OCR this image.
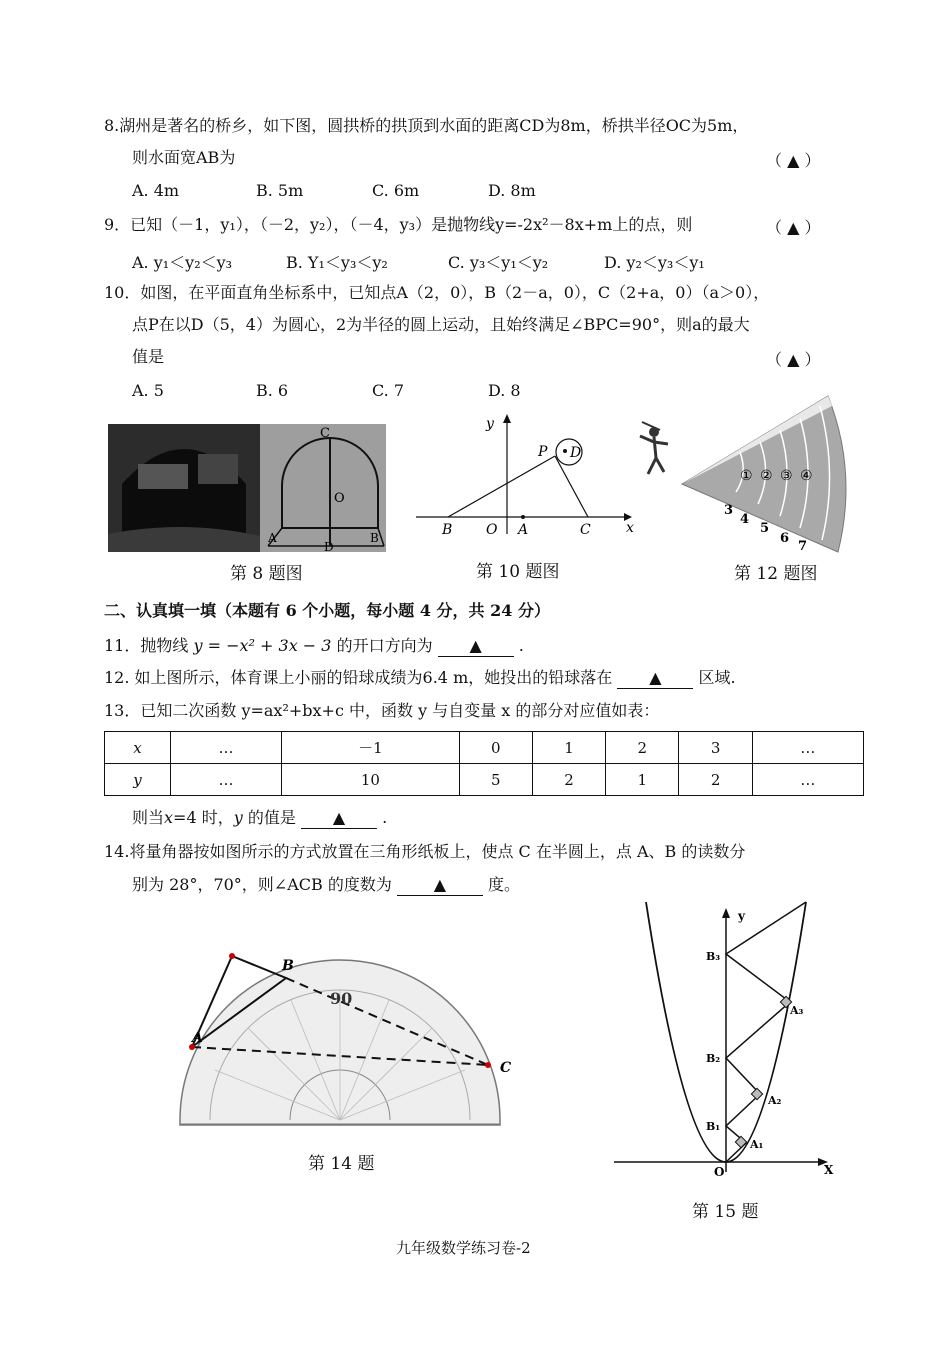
8.湖州是著名的桥乡，如下图，圆拱桥的拱顶到水面的距离CD为8m，桥拱半径OC为5m，
则水面宽AB为	（ ▲ ）
A. 4m	B. 5m	C. 6m	D. 8m
9．已知（－1，y₁），（－2，y₂），（－4，y₃）是抛物线y=-2x²－8x+m上的点，则	（ ▲ ）
A. y₁＜y₂＜y₃	B. Y₁＜y₃＜y₂	C. y₃＜y₁＜y₂	D. y₂＜y₃＜y₁
10．如图，在平面直角坐标系中，已知点A（2，0），B（2－a，0），C（2+a，0）（a＞0），
点P在以D（5，4）为圆心，2为半径的圆上运动，且始终满足∠BPC=90°，则a的最大
值是	（ ▲ ）
A. 5	B. 6	C. 7	D. 8
C
O
A
D
B
第 8 题图
y
P D
B O A	C	x
第 10 题图
① ② ③ ④
3
4
5
6
7
第 12 题图
二、认真填一填（本题有 6 个小题，每小题 4 分，共 24 分）
11．抛物线 y = −x² + 3x − 3 的开口方向为 ▲ .
12. 如上图所示，体育课上小丽的铅球成绩为6.4 m，她投出的铅球落在 ▲ 区域.
13．已知二次函数 y=ax²+bx+c 中，函数 y 与自变量 x 的部分对应值如表：
x	…	－1	0	1	2	3	…
y	…	10	5	2	1	2	…
则当x=4 时，y 的值是 ▲ .
14.将量角器按如图所示的方式放置在三角形纸板上，使点 C 在半圆上，点 A、B 的读数分
别为 28°，70°，则∠ACB 的度数为	▲	度。
A
B
C
90
第 14 题
y
X
O
B₃
B₂
B₁
A₃
A₂
A₁
第 15 题
九年级数学练习卷-2
